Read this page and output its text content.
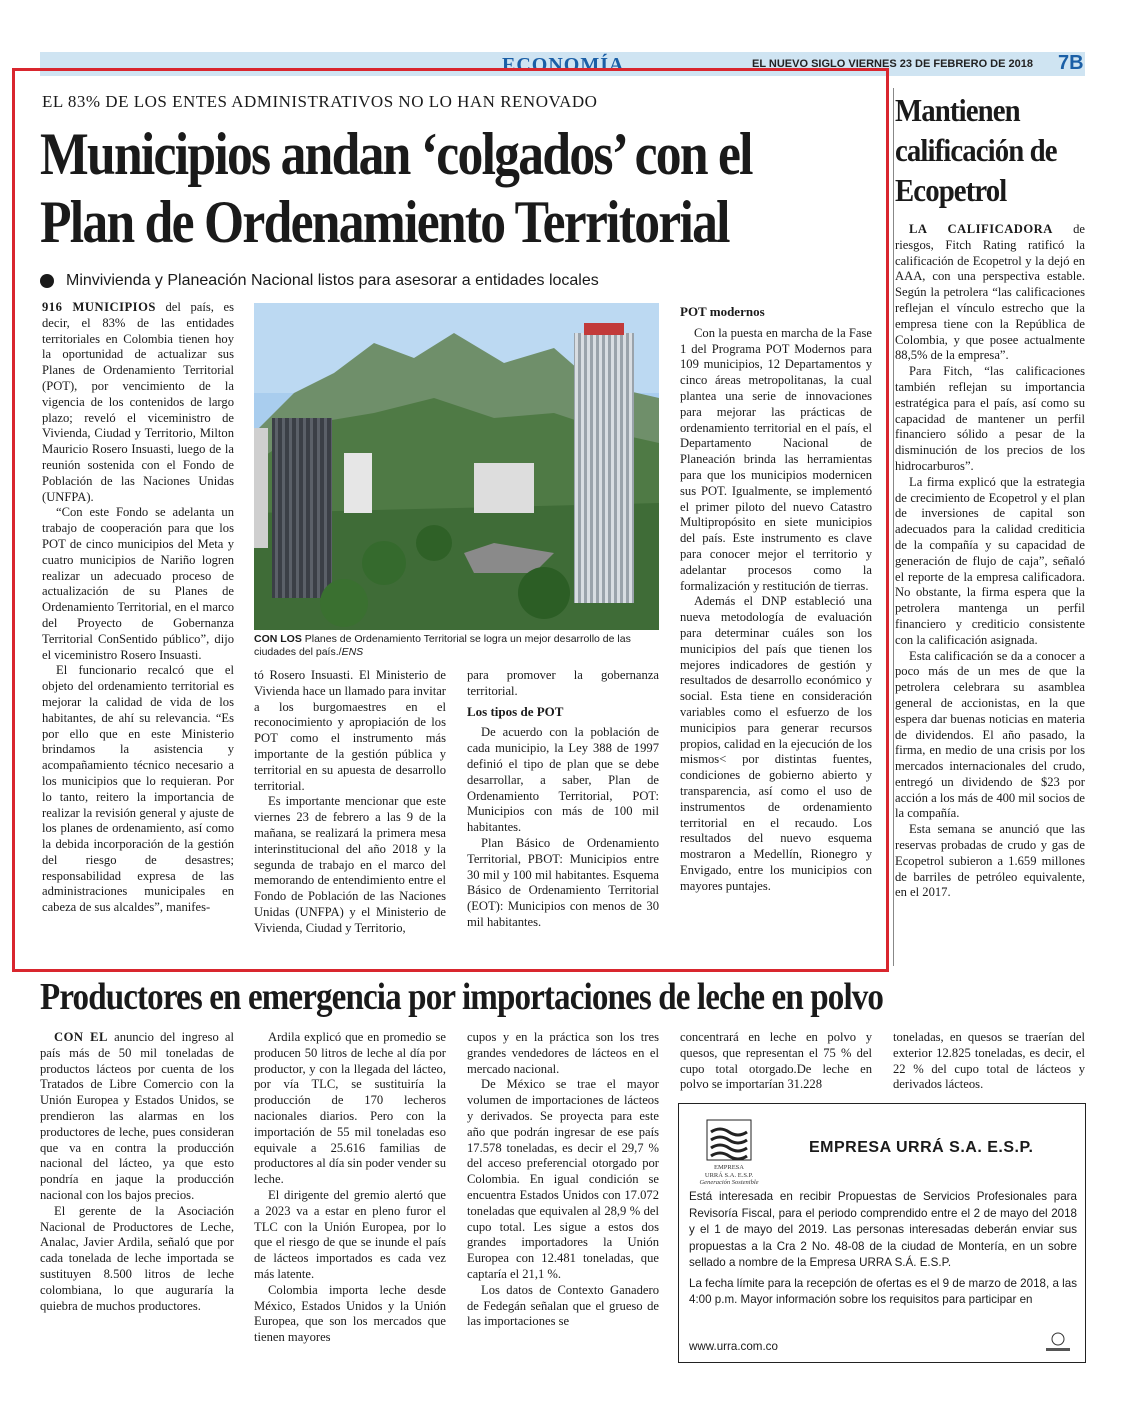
ECONOMÍA	EL NUEVO SIGLO VIERNES 23 DE FEBRERO DE 2018 7B
EL 83% DE LOS ENTES ADMINISTRATIVOS NO LO HAN RENOVADO
Municipios andan ‘colgados’ con el
Plan de Ordenamiento Territorial
Minvivienda y Planeación Nacional listos para asesorar a entidades locales

916 MUNICIPIOS del país, es decir, el 83% de las entidades territoriales en Colombia tienen hoy la oportunidad de actualizar sus Planes de Ordenamiento Territorial (POT), por vencimiento de la vigencia de los contenidos de largo plazo; reveló el viceministro de Vivienda, Ciudad y Territorio, Milton Mauricio Rosero Insuasti, luego de la reunión sostenida con el Fondo de Población de las Naciones Unidas (UNFPA).

“Con este Fondo se adelanta un trabajo de cooperación para que los POT de cinco municipios del Meta y cuatro municipios de Nariño logren realizar un adecuado proceso de actualización de su Planes de Ordenamiento Territorial, en el marco del Proyecto de Gobernanza Territorial ConSentido público”, dijo el viceministro Rosero Insuasti.

El funcionario recalcó que el objeto del ordenamiento territorial es mejorar la calidad de vida de los habitantes, de ahí su relevancia. “Es por ello que en este Ministerio brindamos la asistencia y acompañamiento técnico necesario a los municipios que lo requieran. Por lo tanto, reitero la importancia de realizar la revisión general y ajuste de los planes de ordenamiento, así como la debida incorporación de la gestión del riesgo de desastres; responsabilidad expresa de las administraciones municipales en cabeza de sus alcaldes”, manifes-

CON LOS Planes de Ordenamiento Territorial se logra un mejor desarrollo de las ciudades del país./ENS

tó Rosero Insuasti. El Ministerio de Vivienda hace un llamado para invitar a los burgomaestres en el reconocimiento y apropiación de los POT como el instrumento más importante de la gestión pública y territorial en su apuesta de desarrollo territorial.

Es importante mencionar que este viernes 23 de febrero a las 9 de la mañana, se realizará la primera mesa interinstitucional del año 2018 y la segunda de trabajo en el marco del memorando de entendimiento entre el Fondo de Población de las Naciones Unidas (UNFPA) y el Ministerio de Vivienda, Ciudad y Territorio,

para promover la gobernanza territorial.

Los tipos de POT

De acuerdo con la población de cada municipio, la Ley 388 de 1997 definió el tipo de plan que se debe desarrollar, a saber, Plan de Ordenamiento Territorial, POT: Municipios con más de 100 mil habitantes.

Plan Básico de Ordenamiento Territorial, PBOT: Municipios entre 30 mil y 100 mil habitantes. Esquema Básico de Ordenamiento Territorial (EOT): Municipios con menos de 30 mil habitantes.

POT modernos

Con la puesta en marcha de la Fase 1 del Programa POT Modernos para 109 municipios, 12 Departamentos y cinco áreas metropolitanas, la cual plantea una serie de innovaciones para mejorar las prácticas de ordenamiento territorial en el país, el Departamento Nacional de Planeación brinda las herramientas para que los municipios modernicen sus POT. Igualmente, se implementó el primer piloto del nuevo Catastro Multipropósito en siete municipios del país. Este instrumento es clave para conocer mejor el territorio y adelantar procesos como la formalización y restitución de tierras.

Además el DNP estableció una nueva metodología de evaluación para determinar cuáles son los municipios del país que tienen los mejores indicadores de gestión y resultados de desarrollo económico y social. Esta tiene en consideración variables como el esfuerzo de los municipios para generar recursos propios, calidad en la ejecución de los mismos< por distintas fuentes, condiciones de gobierno abierto y transparencia, así como el uso de instrumentos de ordenamiento territorial en el recaudo. Los resultados del nuevo esquema mostraron a Medellín, Rionegro y Envigado, entre los municipios con mayores puntajes.

Mantienen calificación de Ecopetrol

LA CALIFICADORA de riesgos, Fitch Rating ratificó la calificación de Ecopetrol y la dejó en AAA, con una perspectiva estable. Según la petrolera “las calificaciones reflejan el vínculo estrecho que la empresa tiene con la República de Colombia, y que posee actualmente 88,5% de la empresa”.

Para Fitch, “las calificaciones también reflejan su importancia estratégica para el país, así como su capacidad de mantener un perfil financiero sólido a pesar de la disminución de los precios de los hidrocarburos”.

La firma explicó que la estrategia de crecimiento de Ecopetrol y el plan de inversiones de capital son adecuados para la calidad crediticia de la compañía y su capacidad de generación de flujo de caja”, señaló el reporte de la empresa calificadora. No obstante, la firma espera que la petrolera mantenga un perfil financiero y crediticio consistente con la calificación asignada.

Esta calificación se da a conocer a poco más de un mes de que la petrolera celebrara su asamblea general de accionistas, en la que espera dar buenas noticias en materia de dividendos. El año pasado, la firma, en medio de una crisis por los mercados internacionales del crudo, entregó un dividendo de $23 por acción a los más de 400 mil socios de la compañía.

Esta semana se anunció que las reservas probadas de crudo y gas de Ecopetrol subieron a 1.659 millones de barriles de petróleo equivalente, en el 2017.

Productores en emergencia por importaciones de leche en polvo

CON EL anuncio del ingreso al país más de 50 mil toneladas de productos lácteos por cuenta de los Tratados de Libre Comercio con la Unión Europea y Estados Unidos, se prendieron las alarmas en los productores de leche, pues consideran que va en contra la producción nacional del lácteo, ya que esto pondría en jaque la producción nacional con los bajos precios.

El gerente de la Asociación Nacional de Productores de Leche, Analac, Javier Ardila, señaló que por cada tonelada de leche importada se sustituyen 8.500 litros de leche colombiana, lo que auguraría la quiebra de muchos productores.

Ardila explicó que en promedio se producen 50 litros de leche al día por productor, y con la llegada del lácteo, por vía TLC, se sustituiría la producción de 170 lecheros nacionales diarios. Pero con la importación de 55 mil toneladas eso equivale a 25.616 familias de productores al día sin poder vender su leche.

El dirigente del gremio alertó que a 2023 va a estar en pleno furor el TLC con la Unión Europea, por lo que el riesgo de que se inunde el país de lácteos importados es cada vez más latente.

Colombia importa leche desde México, Estados Unidos y la Unión Europea, que son los mercados que tienen mayores

cupos y en la práctica son los tres grandes vendedores de lácteos en el mercado nacional.

De México se trae el mayor volumen de importaciones de lácteos y derivados. Se proyecta para este año que podrán ingresar de ese país 17.578 toneladas, es decir el 29,7 % del acceso preferencial otorgado por Colombia. En igual condición se encuentra Estados Unidos con 17.072 toneladas que equivalen al 28,9 % del cupo total. Les sigue a estos dos grandes importadores la Unión Europea con 12.481 toneladas, que captaría el 21,1 %.

Los datos de Contexto Ganadero de Fedegán señalan que el grueso de las importaciones se

concentrará en leche en polvo y quesos, que representan el 75 % del cupo total otorgado.De leche en polvo se importarían 31.228

toneladas, en quesos se traerían del exterior 12.825 toneladas, es decir, el 22 % del cupo total de lácteos y derivados lácteos.

EMPRESA
URRÁ S.A. E.S.P.
Generación Sostenible
EMPRESA URRÁ S.A. E.S.P.

Está interesada en recibir Propuestas de Servicios Profesionales para Revisoría Fiscal, para el periodo comprendido entre el 2 de mayo del 2018 y el 1 de mayo del 2019. Las personas interesadas deberán enviar sus propuestas a la Cra 2 No. 48-08 de la ciudad de Montería, en un sobre sellado a nombre de la Empresa URRA S.Á. E.S.P.

La fecha límite para la recepción de ofertas es el 9 de marzo de 2018, a las 4:00 p.m. Mayor información sobre los requisitos para participar en

www.urra.com.co
